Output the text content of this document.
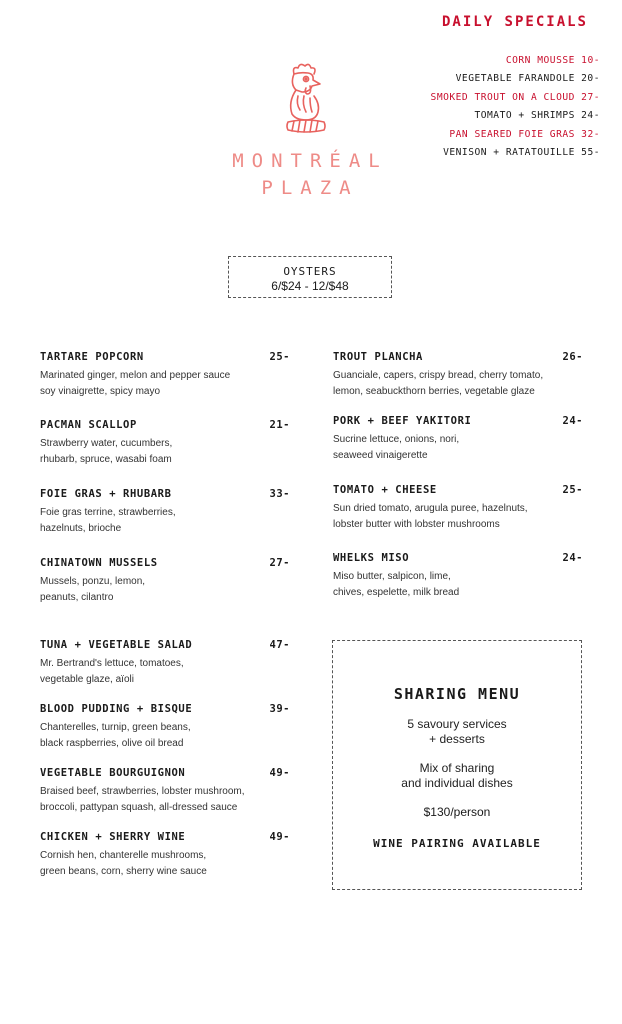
DAILY SPECIALS
CORN MOUSSE 10-
VEGETABLE FARANDOLE 20-
SMOKED TROUT ON A CLOUD 27-
TOMATO + SHRIMPS 24-
PAN SEARED FOIE GRAS 32-
VENISON + RATATOUILLE 55-
MONTRÉAL
PLAZA
OYSTERS
6/$24 - 12/$48
TARTARE POPCORN	25-
Marinated ginger, melon and pepper sauce
soy vinaigrette, spicy mayo
PACMAN SCALLOP	21-
Strawberry water, cucumbers,
rhubarb, spruce, wasabi foam
FOIE GRAS + RHUBARB	33-
Foie gras terrine, strawberries,
hazelnuts, brioche
CHINATOWN MUSSELS	27-
Mussels, ponzu, lemon,
peanuts, cilantro
TUNA + VEGETABLE SALAD	47-
Mr. Bertrand's lettuce, tomatoes,
vegetable glaze, aïoli
BLOOD PUDDING + BISQUE	39-
Chanterelles, turnip, green beans,
black raspberries, olive oil bread
VEGETABLE BOURGUIGNON	49-
Braised beef, strawberries, lobster mushroom,
broccoli, pattypan squash, all-dressed sauce
CHICKEN + SHERRY WINE	49-
Cornish hen, chanterelle mushrooms,
green beans, corn, sherry wine sauce
TROUT PLANCHA	26-
Guanciale, capers, crispy bread, cherry tomato,
lemon, seabuckthorn berries, vegetable glaze
PORK + BEEF YAKITORI	24-
Sucrine lettuce, onions, nori,
seaweed vinaigerette
TOMATO + CHEESE	25-
Sun dried tomato, arugula puree, hazelnuts,
lobster butter with lobster mushrooms
WHELKS MISO	24-
Miso butter, salpicon, lime,
chives, espelette, milk bread
SHARING MENU
5 savoury services
+ desserts
Mix of sharing
and individual dishes
$130/person
WINE PAIRING AVAILABLE
